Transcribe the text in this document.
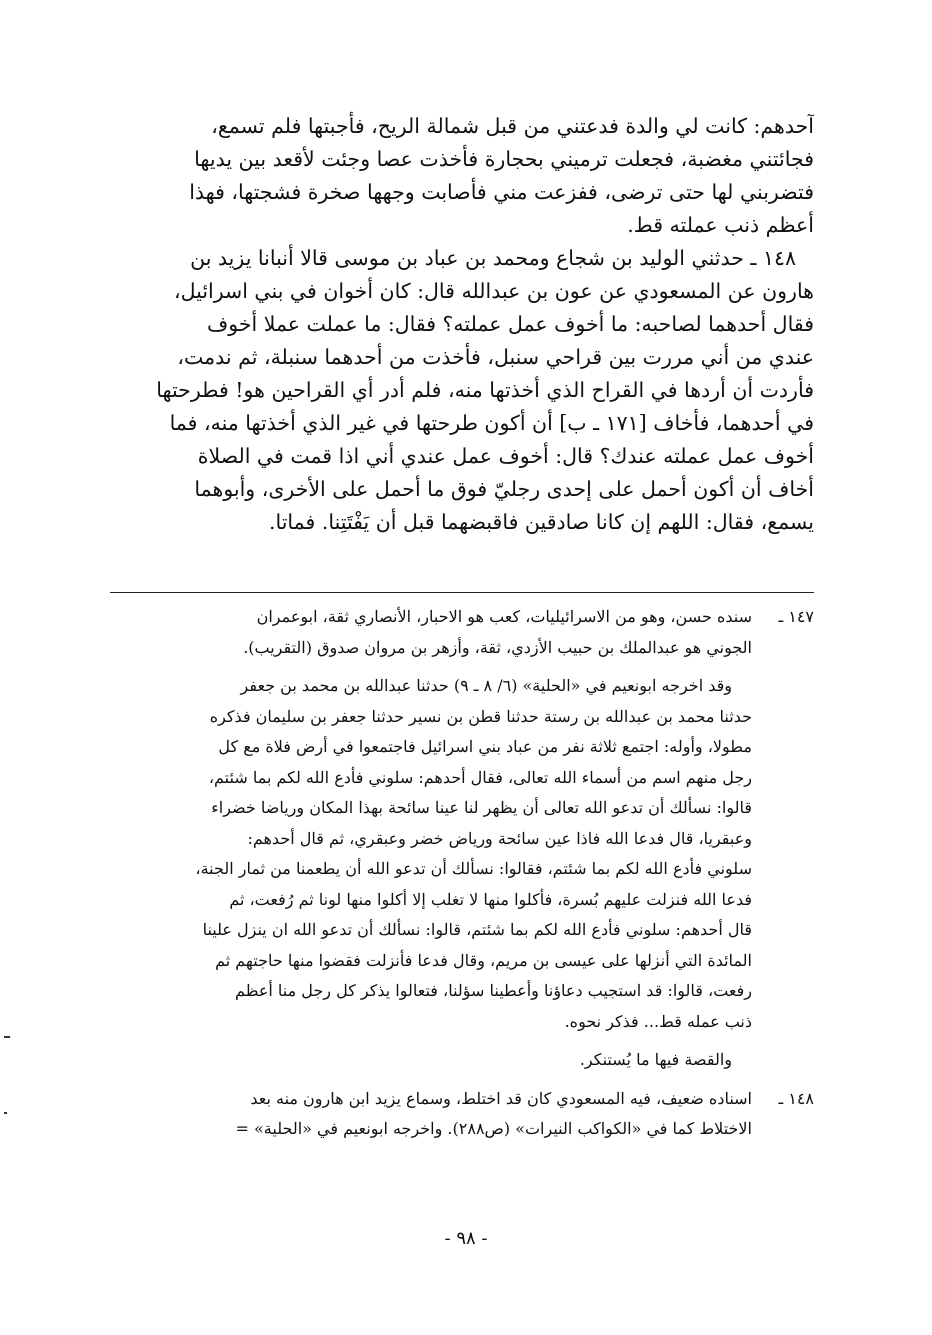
آحدهم: كانت لي والدة فدعتني من قبل شمالة الريح، فأجبتها فلم تسمع،
فجائتني مغضبة، فجعلت ترميني بحجارة فأخذت عصا وجئت لأقعد بين يديها
فتضربني لها حتى ترضى، ففزعت مني فأصابت وجهها صخرة فشجتها، فهذا
أعظم ذنب عملته قط.
١٤٨ ـ حدثني الوليد بن شجاع ومحمد بن عباد بن موسى قالا أنبانا يزيد بن
هارون عن المسعودي عن عون بن عبدالله قال: كان أخوان في بني اسرائيل،
فقال أحدهما لصاحبه: ما أخوف عمل عملته؟ فقال: ما عملت عملا أخوف
عندي من أني مررت بين قراحي سنبل، فأخذت من أحدهما سنبلة، ثم ندمت،
فأردت أن أردها في القراح الذي أخذتها منه، فلم أدر أي القراحين هو! فطرحتها
في أحدهما، فأخاف [١٧١ ـ ب] أن أكون طرحتها في غير الذي أخذتها منه، فما
أخوف عمل عملته عندك؟ قال: أخوف عمل عندي أني اذا قمت في الصلاة
أخاف أن أكون أحمل على إحدى رجليّ فوق ما أحمل على الأخرى، وأبوهما
يسمع، فقال: اللهم إن كانا صادقين فاقبضهما قبل أن يَفْتَتِنا. فماتا.
١٤٧ ـسنده حسن، وهو من الاسرائيليات، كعب هو الاحبار، الأنصاري ثقة، ابوعمران
الجوني هو عبدالملك بن حبيب الأزدي، ثقة، وأزهر بن مروان صدوق (التقريب).
وقد اخرجه ابونعيم في «الحلية» (٦/ ٨ ـ ٩) حدثنا عبدالله بن محمد بن جعفر
حدثنا محمد بن عبدالله بن رستة حدثنا قطن بن نسير حدثنا جعفر بن سليمان فذكره
مطولا، وأوله: اجتمع ثلاثة نفر من عباد بني اسرائيل فاجتمعوا في أرض فلاة مع كل
رجل منهم اسم من أسماء الله تعالى، فقال أحدهم: سلوني فأدع الله لكم بما شئتم،
قالوا: نسألك أن تدعو الله تعالى أن يظهر لنا عينا سائحة بهذا المكان ورياضا خضراء
وعبقريا، قال فدعا الله فاذا عين سائحة ورياض خضر وعبقري، ثم قال أحدهم:
سلوني فأدع الله لكم بما شئتم، فقالوا: نسألك أن تدعو الله أن يطعمنا من ثمار الجنة،
فدعا الله فنزلت عليهم بُسرة، فأكلوا منها لا تغلب إلا أكلوا منها لونا ثم رُفعت، ثم
قال أحدهم: سلوني فأدع الله لكم بما شئتم، قالوا: نسألك أن تدعو الله ان ينزل علينا
المائدة التي أنزلها على عيسى بن مريم، وقال فدعا فأنزلت فقضوا منها حاجتهم ثم
رفعت، قالوا: قد استجيب دعاؤنا وأعطينا سؤلنا، فتعالوا يذكر كل رجل منا أعظم
ذنب عمله قط... فذكر نحوه.
والقصة فيها ما يُستنكر.
١٤٨ ـاسناده ضعيف، فيه المسعودي كان قد اختلط، وسماع يزيد ابن هارون منه بعد
الاختلاط كما في «الكواكب النيرات» (ص٢٨٨). واخرجه ابونعيم في «الحلية» =
- ٩٨ -
